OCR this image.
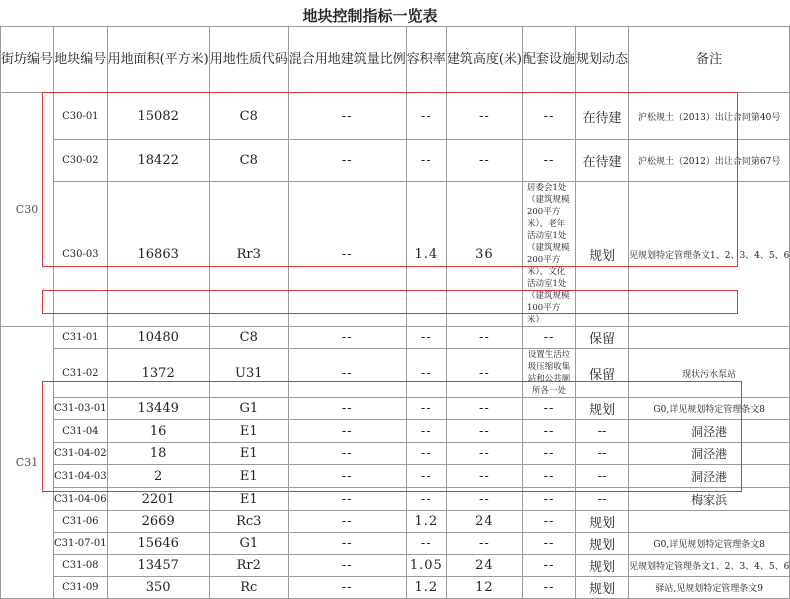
地块控制指标一览表
街坊编号	地块编号	用地面积(平方米)	用地性质代码	混合用地建筑量比例	容积率	建筑高度(米)	配套设施	规划动态	备注
C30	C30-01	15082	C8	--	--	--	--	在待建	沪松规土（2013）出让合同第40号
	C30-02	18422	C8	--	--	--	--	在待建	沪松规土（2012）出让合同第67号
	C30-03	16863	Rr3	--	1.4	36	居委会1处（建筑规模200平方米），老年活动室1处（建筑规模200平方米），文化活动室1处（建筑规模100平方米）	规划	见规划特定管理条文1、2、3、4、5、6
C31	C31-01	10480	C8	--	--	--	--	保留	
	C31-02	1372	U31	--	--	--	设置生活垃圾压缩收集站和公共厕所各一处	保留	现状污水泵站
	C31-03-01	13449	G1	--	--	--	--	规划	G0,详见规划特定管理条文8
	C31-04	16	E1	--	--	--	--	--	洞泾港
	C31-04-02	18	E1	--	--	--	--	--	洞泾港
	C31-04-03	2	E1	--	--	--	--	--	洞泾港
	C31-04-06	2201	E1	--	--	--	--	--	梅家浜
	C31-06	2669	Rc3	--	1.2	24	--	规划	
	C31-07-01	15646	G1	--	--	--	--	规划	G0,详见规划特定管理条文8
	C31-08	13457	Rr2	--	1.05	24	--	规划	见规划特定管理条文1、2、3、4、5、6
	C31-09	350	Rc	--	1.2	12	--	规划	驿站,见规划特定管理条文9
